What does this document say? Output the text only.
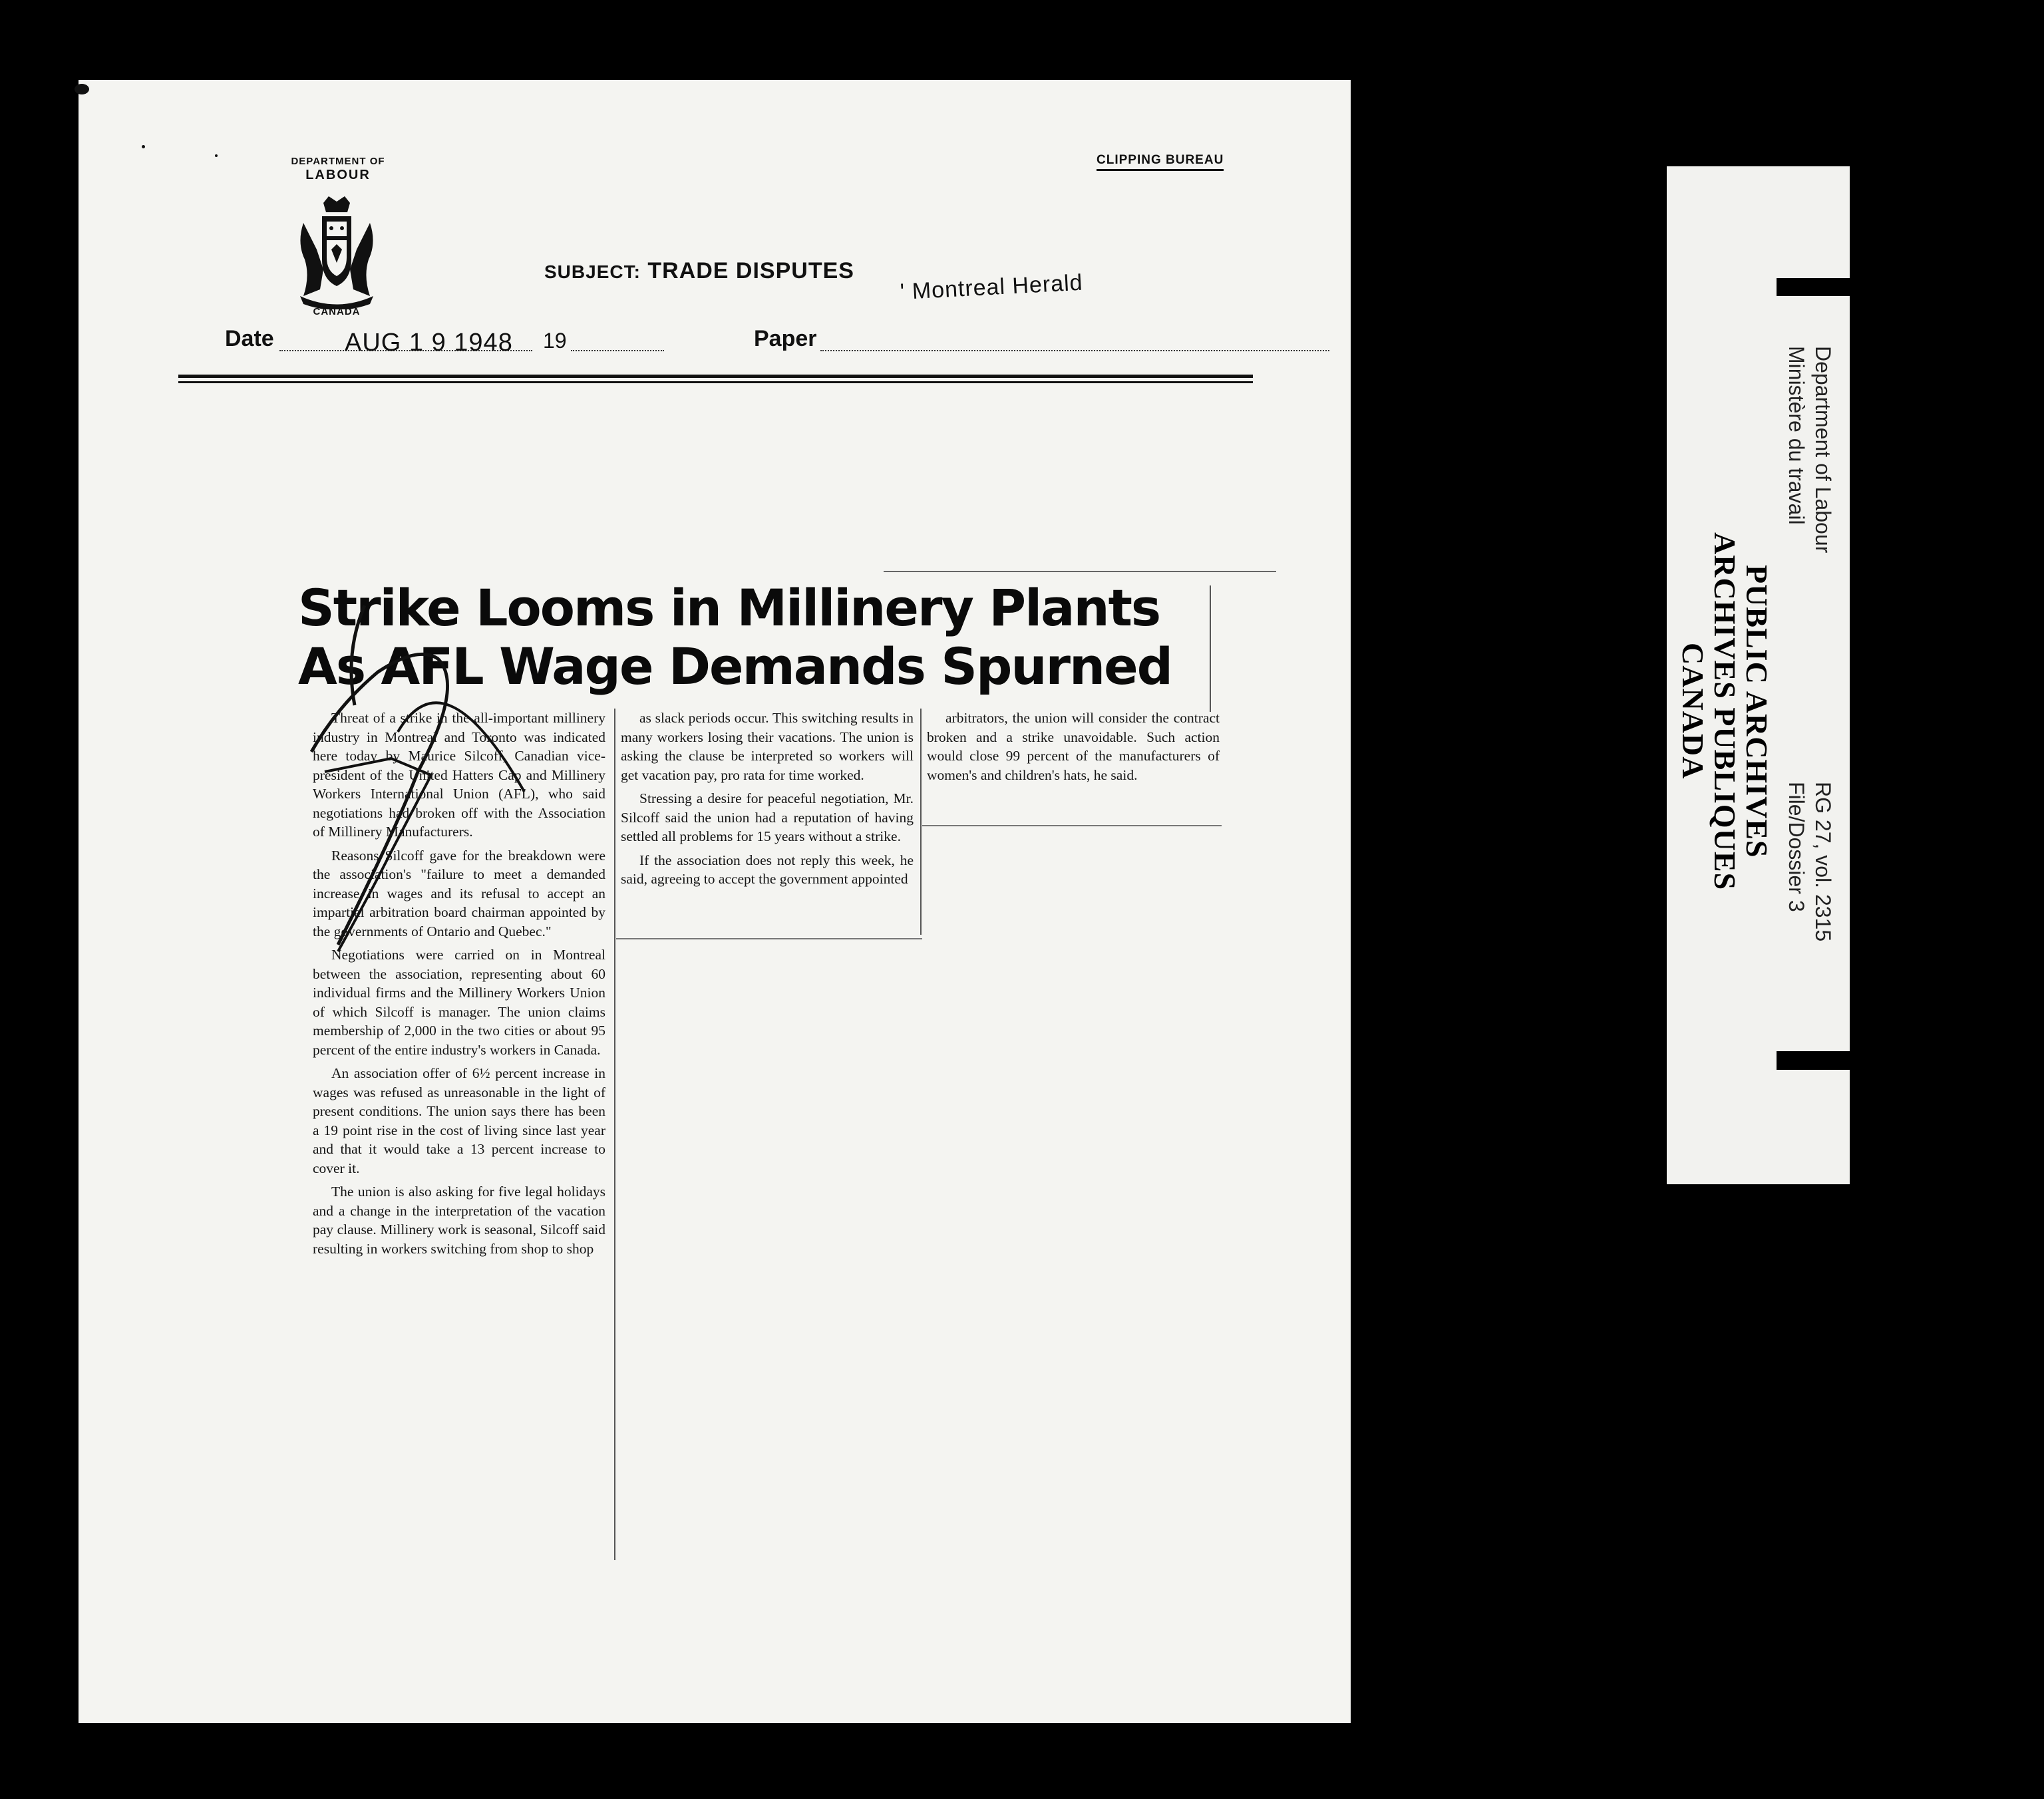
DEPARTMENT OF
LABOUR
CANADA
CLIPPING BUREAU
SUBJECT: TRADE DISPUTES ' Montreal Herald
Date	AUG 1 9 1948 19	Paper
Strike Looms in Millinery Plants
As AFL Wage Demands Spurned

Threat of a strike in the all-important millinery industry in Montreal and Toronto was indicated here today by Maurice Silcoff, Canadian vice-president of the United Hatters Cap and Millinery Workers International Union (AFL), who said negotiations had broken off with the Association of Millinery Manufacturers.

Reasons Silcoff gave for the breakdown were the association's "failure to meet a demanded increase in wages and its refusal to accept an impartial arbitration board chairman appointed by the governments of Ontario and Quebec."

Negotiations were carried on in Montreal between the association, representing about 60 individual firms and the Millinery Workers Union of which Silcoff is manager. The union claims membership of 2,000 in the two cities or about 95 percent of the entire industry's workers in Canada.

An association offer of 6½ percent increase in wages was refused as unreasonable in the light of present conditions. The union says there has been a 19 point rise in the cost of living since last year and that it would take a 13 percent increase to cover it.

The union is also asking for five legal holidays and a change in the interpretation of the vacation pay clause. Millinery work is seasonal, Silcoff said resulting in workers switching from shop to shop

as slack periods occur. This switching results in many workers losing their vacations. The union is asking the clause be interpreted so workers will get vacation pay, pro rata for time worked.

Stressing a desire for peaceful negotiation, Mr. Silcoff said the union had a reputation of having settled all problems for 15 years without a strike.

If the association does not reply this week, he said, agreeing to accept the government appointed

arbitrators, the union will consider the contract broken and a strike unavoidable. Such action would close 99 percent of the manufacturers of women's and children's hats, he said.	PUBLIC ARCHIVES
ARCHIVES PUBLIQUES
CANADA
Department of Labour
Ministère du travail
RG 27, vol. 2315
File/Dossier 3
